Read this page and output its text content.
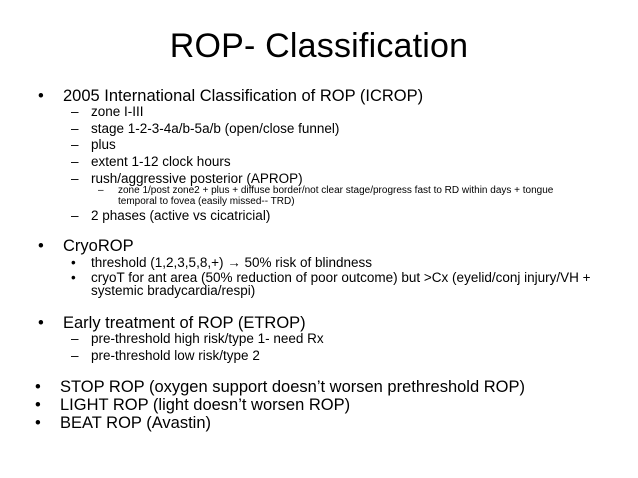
ROP- Classification
• 2005 International Classification of ROP (ICROP)
– zone I-III
– stage 1-2-3-4a/b-5a/b (open/close funnel)
– plus
– extent 1-12 clock hours
– rush/aggressive posterior (APROP)
– zone 1/post zone2 + plus + diffuse border/not clear stage/progress fast to RD within days + tongue
temporal to fovea (easily missed-- TRD)
– 2 phases (active vs cicatricial)
• CryoROP
• threshold (1,2,3,5,8,+) → 50% risk of blindness
• cryoT for ant area (50% reduction of poor outcome) but >Cx (eyelid/conj injury/VH +
systemic bradycardia/respi)
• Early treatment of ROP (ETROP)
– pre-threshold high risk/type 1- need Rx
– pre-threshold low risk/type 2
• STOP ROP (oxygen support doesn’t worsen prethreshold ROP)
• LIGHT ROP (light doesn’t worsen ROP)
• BEAT ROP (Avastin)
